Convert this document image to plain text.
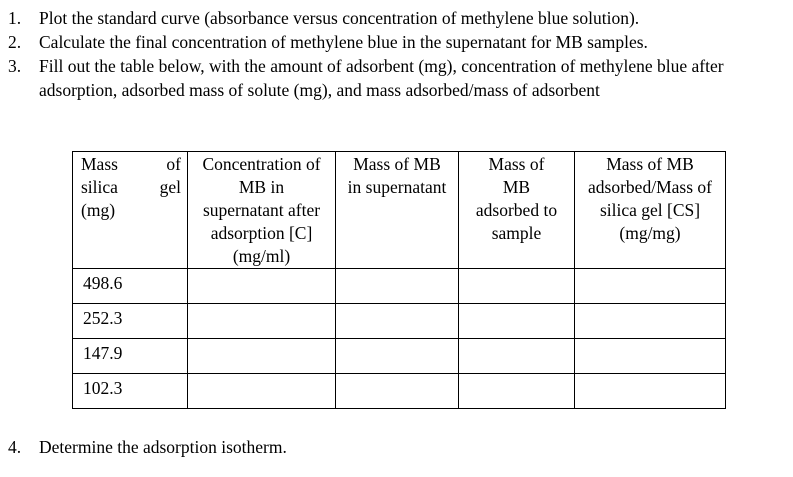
1.	Plot the standard curve (absorbance versus concentration of methylene blue solution).
2.	Calculate the final concentration of methylene blue in the supernatant for MB samples.
3.	Fill out the table below, with the amount of adsorbent (mg), concentration of methylene blue after adsorption, adsorbed mass of solute (mg), and mass adsorbed/mass of adsorbent
Mass of
silica gel
(mg)	Concentration of MB in supernatant after adsorption [C] (mg/ml)	Mass of MB in supernatant	Mass of MB adsorbed to sample	Mass of MB adsorbed/Mass of silica gel [CS] (mg/mg)

498.6				

252.3				

147.9				

102.3				

4.	Determine the adsorption isotherm.
